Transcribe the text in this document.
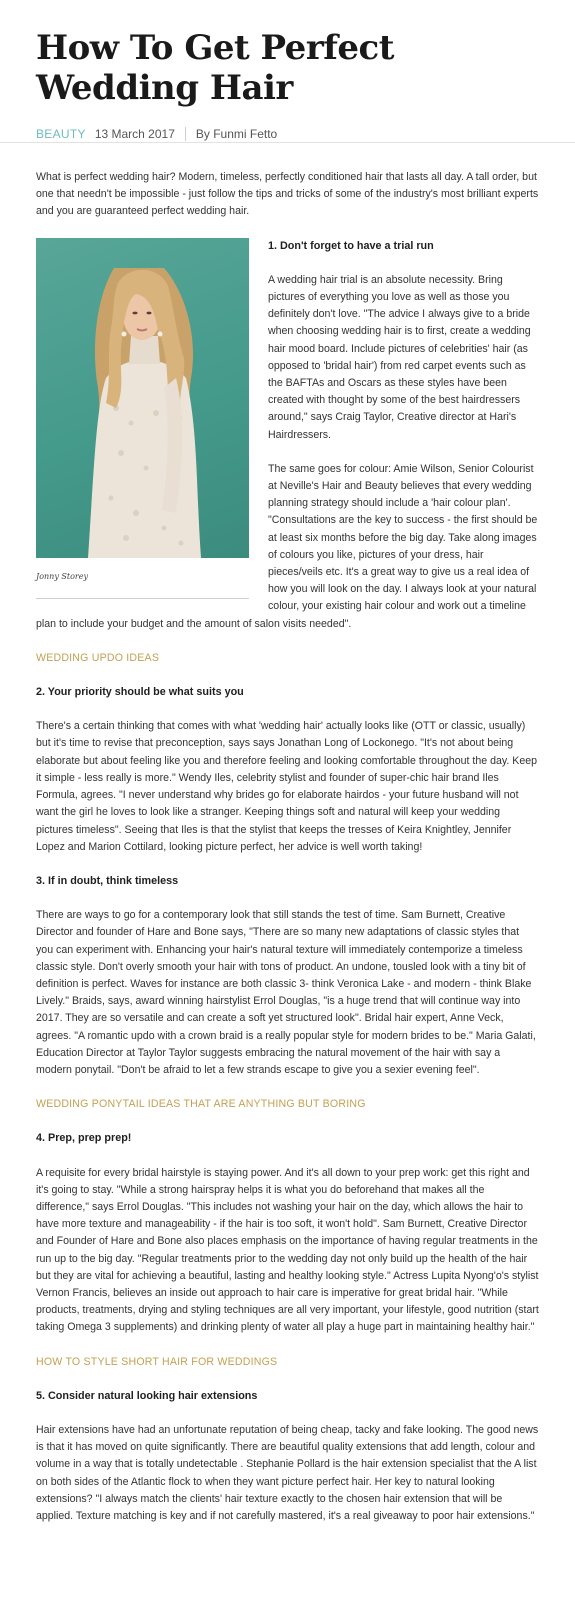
How To Get Perfect Wedding Hair
BEAUTY 13 March 2017 By Funmi Fetto

What is perfect wedding hair? Modern, timeless, perfectly conditioned hair that lasts all day. A tall order, but one that needn't be impossible - just follow the tips and tricks of some of the industry's most brilliant experts and you are guaranteed perfect wedding hair.

Jonny Storey

1. Don't forget to have a trial run

A wedding hair trial is an absolute necessity. Bring pictures of everything you love as well as those you definitely don't love. "The advice I always give to a bride when choosing wedding hair is to first, create a wedding hair mood board. Include pictures of celebrities' hair (as opposed to 'bridal hair') from red carpet events such as the BAFTAs and Oscars as these styles have been created with thought by some of the best hairdressers around," says Craig Taylor, Creative director at Hari's Hairdressers.

The same goes for colour: Amie Wilson, Senior Colourist at Neville's Hair and Beauty believes that every wedding planning strategy should include a 'hair colour plan'. "Consultations are the key to success - the first should be at least six months before the big day. Take along images of colours you like, pictures of your dress, hair pieces/veils etc. It's a great way to give us a real idea of how you will look on the day. I always look at your natural colour, your existing hair colour and work out a timeline plan to include your budget and the amount of salon visits needed".

WEDDING UPDO IDEAS

2. Your priority should be what suits you

There's a certain thinking that comes with what 'wedding hair' actually looks like (OTT or classic, usually) but it's time to revise that preconception, says says Jonathan Long of Lockonego. "It's not about being elaborate but about feeling like you and therefore feeling and looking comfortable throughout the day. Keep it simple - less really is more." Wendy Iles, celebrity stylist and founder of super-chic hair brand Iles Formula, agrees. "I never understand why brides go for elaborate hairdos - your future husband will not want the girl he loves to look like a stranger. Keeping things soft and natural will keep your wedding pictures timeless". Seeing that Iles is that the stylist that keeps the tresses of Keira Knightley, Jennifer Lopez and Marion Cottilard, looking picture perfect, her advice is well worth taking!

3. If in doubt, think timeless

There are ways to go for a contemporary look that still stands the test of time. Sam Burnett, Creative Director and founder of Hare and Bone says, "There are so many new adaptations of classic styles that you can experiment with. Enhancing your hair's natural texture will immediately contemporize a timeless classic style. Don't overly smooth your hair with tons of product. An undone, tousled look with a tiny bit of definition is perfect. Waves for instance are both classic 3- think Veronica Lake - and modern - think Blake Lively." Braids, says, award winning hairstylist Errol Douglas, "is a huge trend that will continue way into 2017. They are so versatile and can create a soft yet structured look". Bridal hair expert, Anne Veck, agrees. "A romantic updo with a crown braid is a really popular style for modern brides to be." Maria Galati, Education Director at Taylor Taylor suggests embracing the natural movement of the hair with say a modern ponytail. "Don't be afraid to let a few strands escape to give you a sexier evening feel".

WEDDING PONYTAIL IDEAS THAT ARE ANYTHING BUT BORING

4. Prep, prep prep!

A requisite for every bridal hairstyle is staying power. And it's all down to your prep work: get this right and it's going to stay. "While a strong hairspray helps it is what you do beforehand that makes all the difference," says Errol Douglas. "This includes not washing your hair on the day, which allows the hair to have more texture and manageability - if the hair is too soft, it won't hold". Sam Burnett, Creative Director and Founder of Hare and Bone also places emphasis on the importance of having regular treatments in the run up to the big day. "Regular treatments prior to the wedding day not only build up the health of the hair but they are vital for achieving a beautiful, lasting and healthy looking style." Actress Lupita Nyong'o's stylist Vernon Francis, believes an inside out approach to hair care is imperative for great bridal hair. "While products, treatments, drying and styling techniques are all very important, your lifestyle, good nutrition (start taking Omega 3 supplements) and drinking plenty of water all play a huge part in maintaining healthy hair."

HOW TO STYLE SHORT HAIR FOR WEDDINGS

5. Consider natural looking hair extensions

Hair extensions have had an unfortunate reputation of being cheap, tacky and fake looking. The good news is that it has moved on quite significantly. There are beautiful quality extensions that add length, colour and volume in a way that is totally undetectable . Stephanie Pollard is the hair extension specialist that the A list on both sides of the Atlantic flock to when they want picture perfect hair. Her key to natural looking extensions? "I always match the clients' hair texture exactly to the chosen hair extension that will be applied. Texture matching is key and if not carefully mastered, it's a real giveaway to poor hair extensions."
